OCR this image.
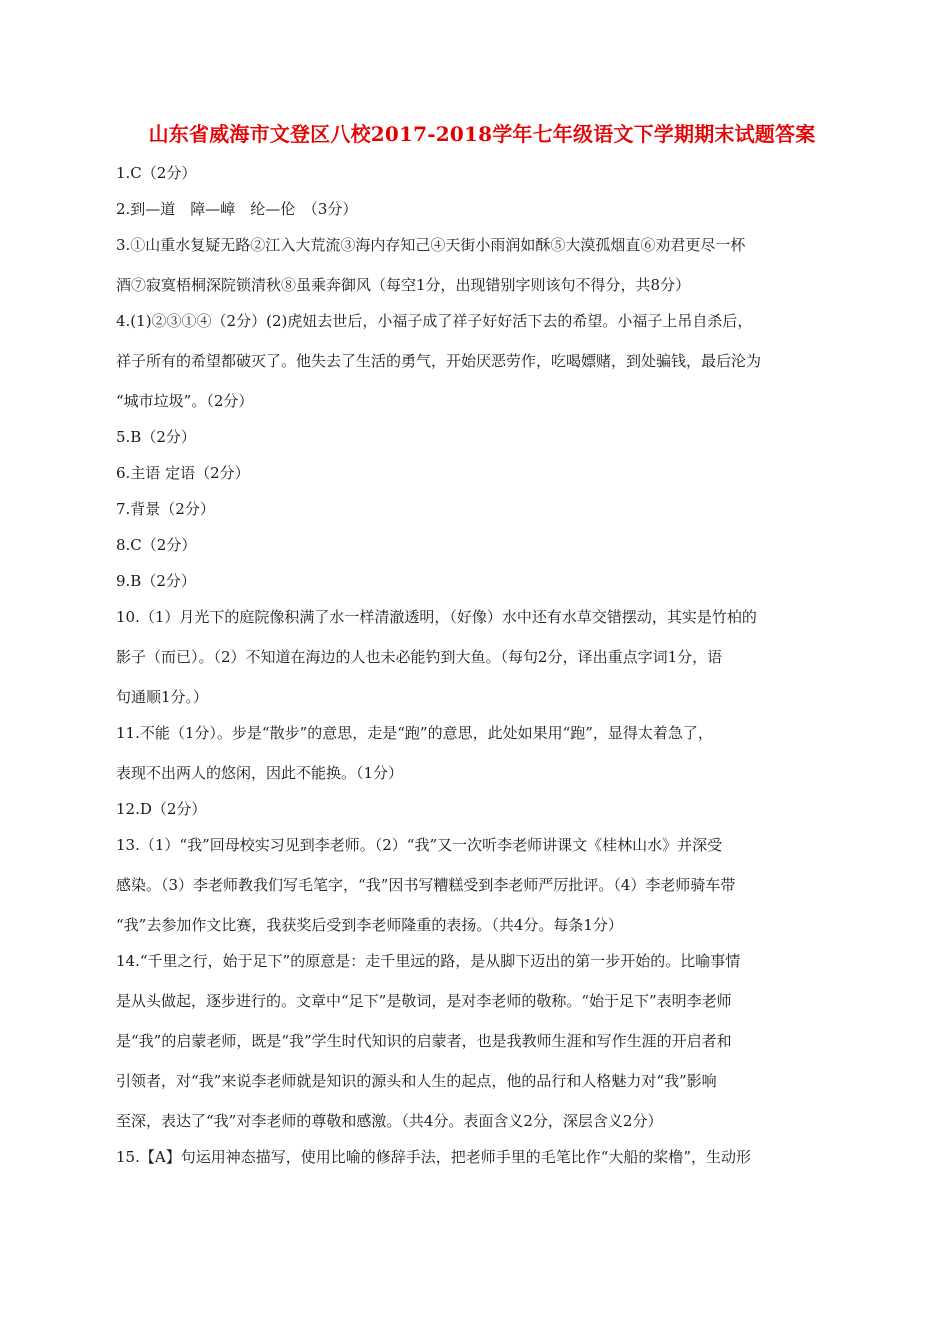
山东省威海市文登区八校2017-2018学年七年级语文下学期期末试题答案
1.C（2分）
2.到—道　障—嶂　纶—伦　（3分）
3.①山重水复疑无路②江入大荒流③海内存知己④天街小雨润如酥⑤大漠孤烟直⑥劝君更尽一杯
酒⑦寂寞梧桐深院锁清秋⑧虽乘奔御风（每空1分，出现错别字则该句不得分，共8分）
4.(1)②③①④（2分）(2)虎妞去世后，小福子成了祥子好好活下去的希望。小福子上吊自杀后，
祥子所有的希望都破灭了。他失去了生活的勇气，开始厌恶劳作，吃喝嫖赌，到处骗钱，最后沦为
“城市垃圾”。（2分）
5.B（2分）
6.主语 定语（2分）
7.背景（2分）
8.C（2分）
9.B（2分）
10.（1）月光下的庭院像积满了水一样清澈透明，（好像）水中还有水草交错摆动，其实是竹柏的
影子（而已）。（2）不知道在海边的人也未必能钓到大鱼。（每句2分，译出重点字词1分，语
句通顺1分。）
11.不能（1分）。步是“散步”的意思，走是“跑”的意思，此处如果用“跑”，显得太着急了，
表现不出两人的悠闲，因此不能换。（1分）
12.D（2分）
13.（1）“我”回母校实习见到李老师。（2）“我”又一次听李老师讲课文《桂林山水》并深受
感染。（3）李老师教我们写毛笔字，“我”因书写糟糕受到李老师严厉批评。（4）李老师骑车带
“我”去参加作文比赛，我获奖后受到李老师隆重的表扬。（共4分。每条1分）
14.“千里之行，始于足下”的原意是：走千里远的路，是从脚下迈出的第一步开始的。比喻事情
是从头做起，逐步进行的。文章中“足下”是敬词，是对李老师的敬称。“始于足下”表明李老师
是“我”的启蒙老师，既是“我”学生时代知识的启蒙者，也是我教师生涯和写作生涯的开启者和
引领者，对“我”来说李老师就是知识的源头和人生的起点，他的品行和人格魅力对“我”影响
至深，表达了“我”对李老师的尊敬和感激。（共4分。表面含义2分，深层含义2分）
15.【A】句运用神态描写，使用比喻的修辞手法，把老师手里的毛笔比作“大船的桨橹”，生动形
